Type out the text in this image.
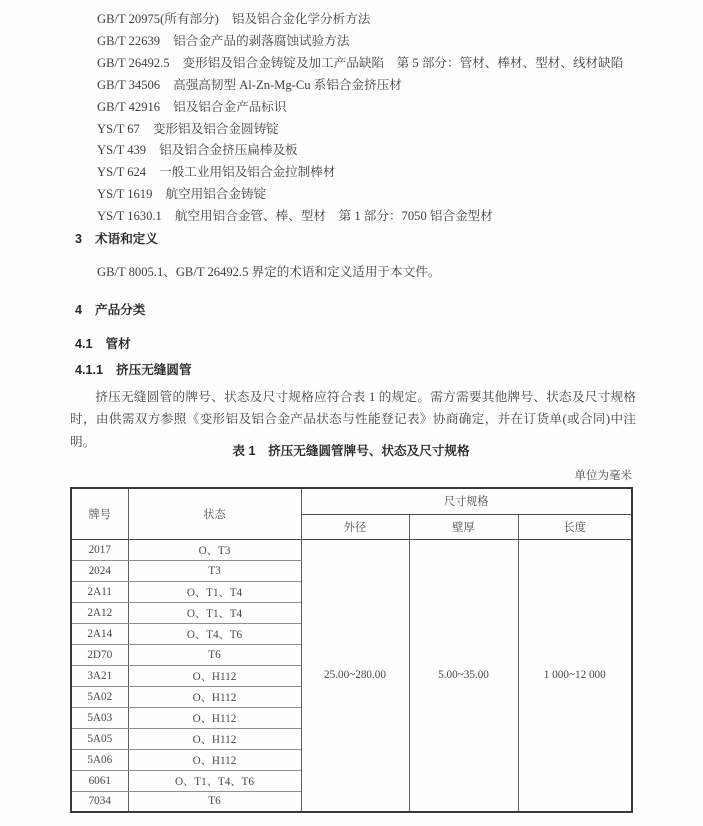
GB/T 20975(所有部分) 铝及铝合金化学分析方法
GB/T 22639 铝合金产品的剥落腐蚀试验方法
GB/T 26492.5 变形铝及铝合金铸锭及加工产品缺陷　第 5 部分：管材、棒材、型材、线材缺陷
GB/T 34506 高强高韧型 Al-Zn-Mg-Cu 系铝合金挤压材
GB/T 42916 铝及铝合金产品标识
YS/T 67 变形铝及铝合金圆铸锭
YS/T 439 铝及铝合金挤压扁棒及板
YS/T 624 一般工业用铝及铝合金拉制棒材
YS/T 1619 航空用铝合金铸锭
YS/T 1630.1 航空用铝合金管、棒、型材　第 1 部分：7050 铝合金型材
3 术语和定义
GB/T 8005.1、GB/T 26492.5 界定的术语和定义适用于本文件。
4 产品分类
4.1 管材
4.1.1 挤压无缝圆管
挤压无缝圆管的牌号、状态及尺寸规格应符合表 1 的规定。需方需要其他牌号、状态及尺寸规格时，由供需双方参照《变形铝及铝合金产品状态与性能登记表》协商确定，并在订货单(或合同)中注明。
表 1　挤压无缝圆管牌号、状态及尺寸规格
单位为毫米
牌号	状态	尺寸规格		
		外径	壁厚	长度
2017	O、T3	25.00~280.00	5.00~35.00	1 000~12 000
2024	T3			
2A11	O、T1、T4			
2A12	O、T1、T4			
2A14	O、T4、T6			
2D70	T6			
3A21	O、H112			
5A02	O、H112			
5A03	O、H112			
5A05	O、H112			
5A06	O、H112			
6061	O、T1、T4、T6			
7034	T6			
